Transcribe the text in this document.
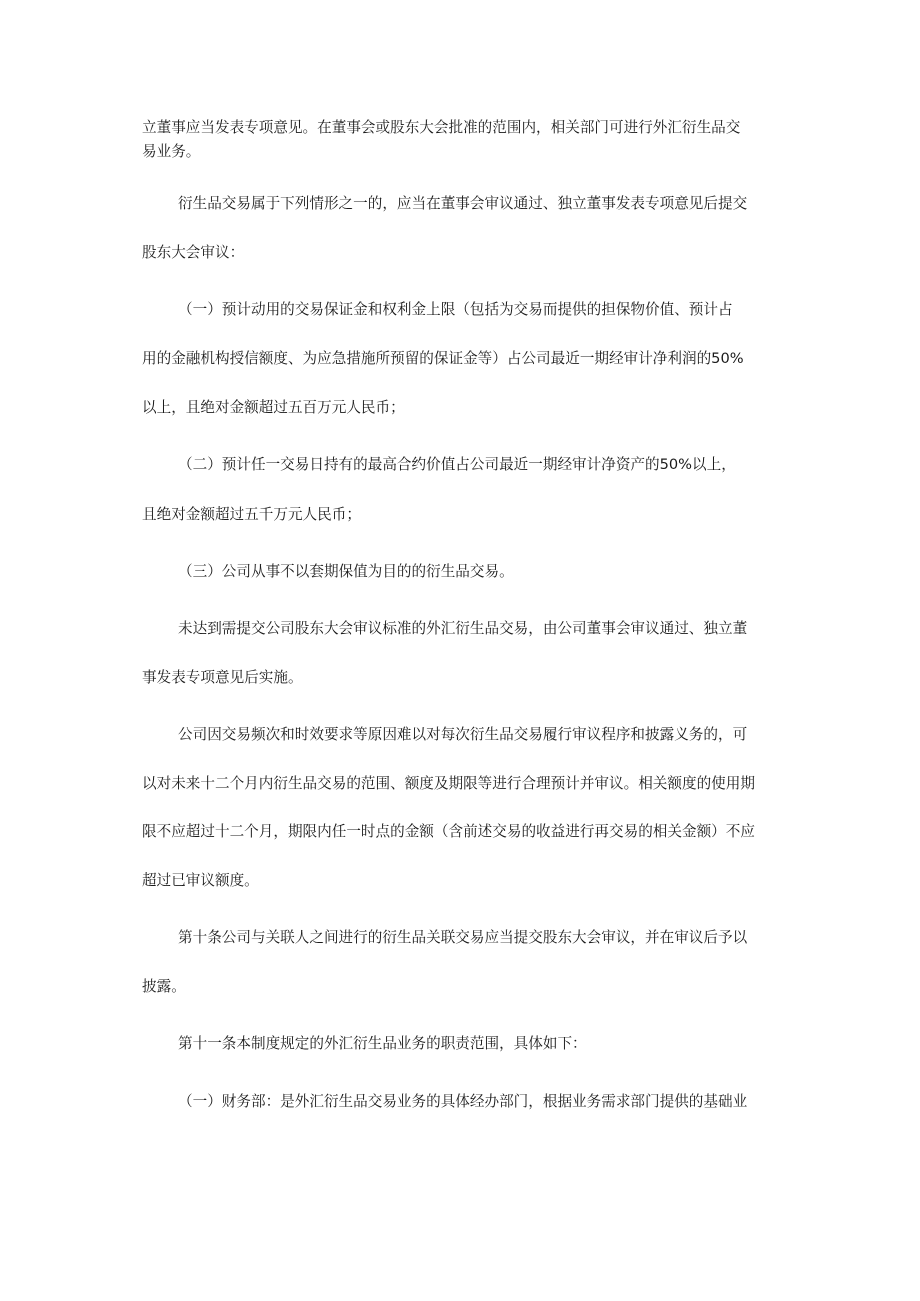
立董事应当发表专项意见。在董事会或股东大会批准的范围内，相关部门可进行外汇衍生品交

易业务。

衍生品交易属于下列情形之一的，应当在董事会审议通过、独立董事发表专项意见后提交

股东大会审议：

（一）预计动用的交易保证金和权利金上限（包括为交易而提供的担保物价值、预计占

用的金融机构授信额度、为应急措施所预留的保证金等）占公司最近一期经审计净利润的50%

以上，且绝对金额超过五百万元人民币；

（二）预计任一交易日持有的最高合约价值占公司最近一期经审计净资产的50%以上，

且绝对金额超过五千万元人民币；

（三）公司从事不以套期保值为目的的衍生品交易。

未达到需提交公司股东大会审议标准的外汇衍生品交易，由公司董事会审议通过、独立董

事发表专项意见后实施。

公司因交易频次和时效要求等原因难以对每次衍生品交易履行审议程序和披露义务的，可

以对未来十二个月内衍生品交易的范围、额度及期限等进行合理预计并审议。相关额度的使用期

限不应超过十二个月，期限内任一时点的金额（含前述交易的收益进行再交易的相关金额）不应

超过已审议额度。

第十条公司与关联人之间进行的衍生品关联交易应当提交股东大会审议，并在审议后予以

披露。

第十一条本制度规定的外汇衍生品业务的职责范围，具体如下：

（一）财务部：是外汇衍生品交易业务的具体经办部门，根据业务需求部门提供的基础业
